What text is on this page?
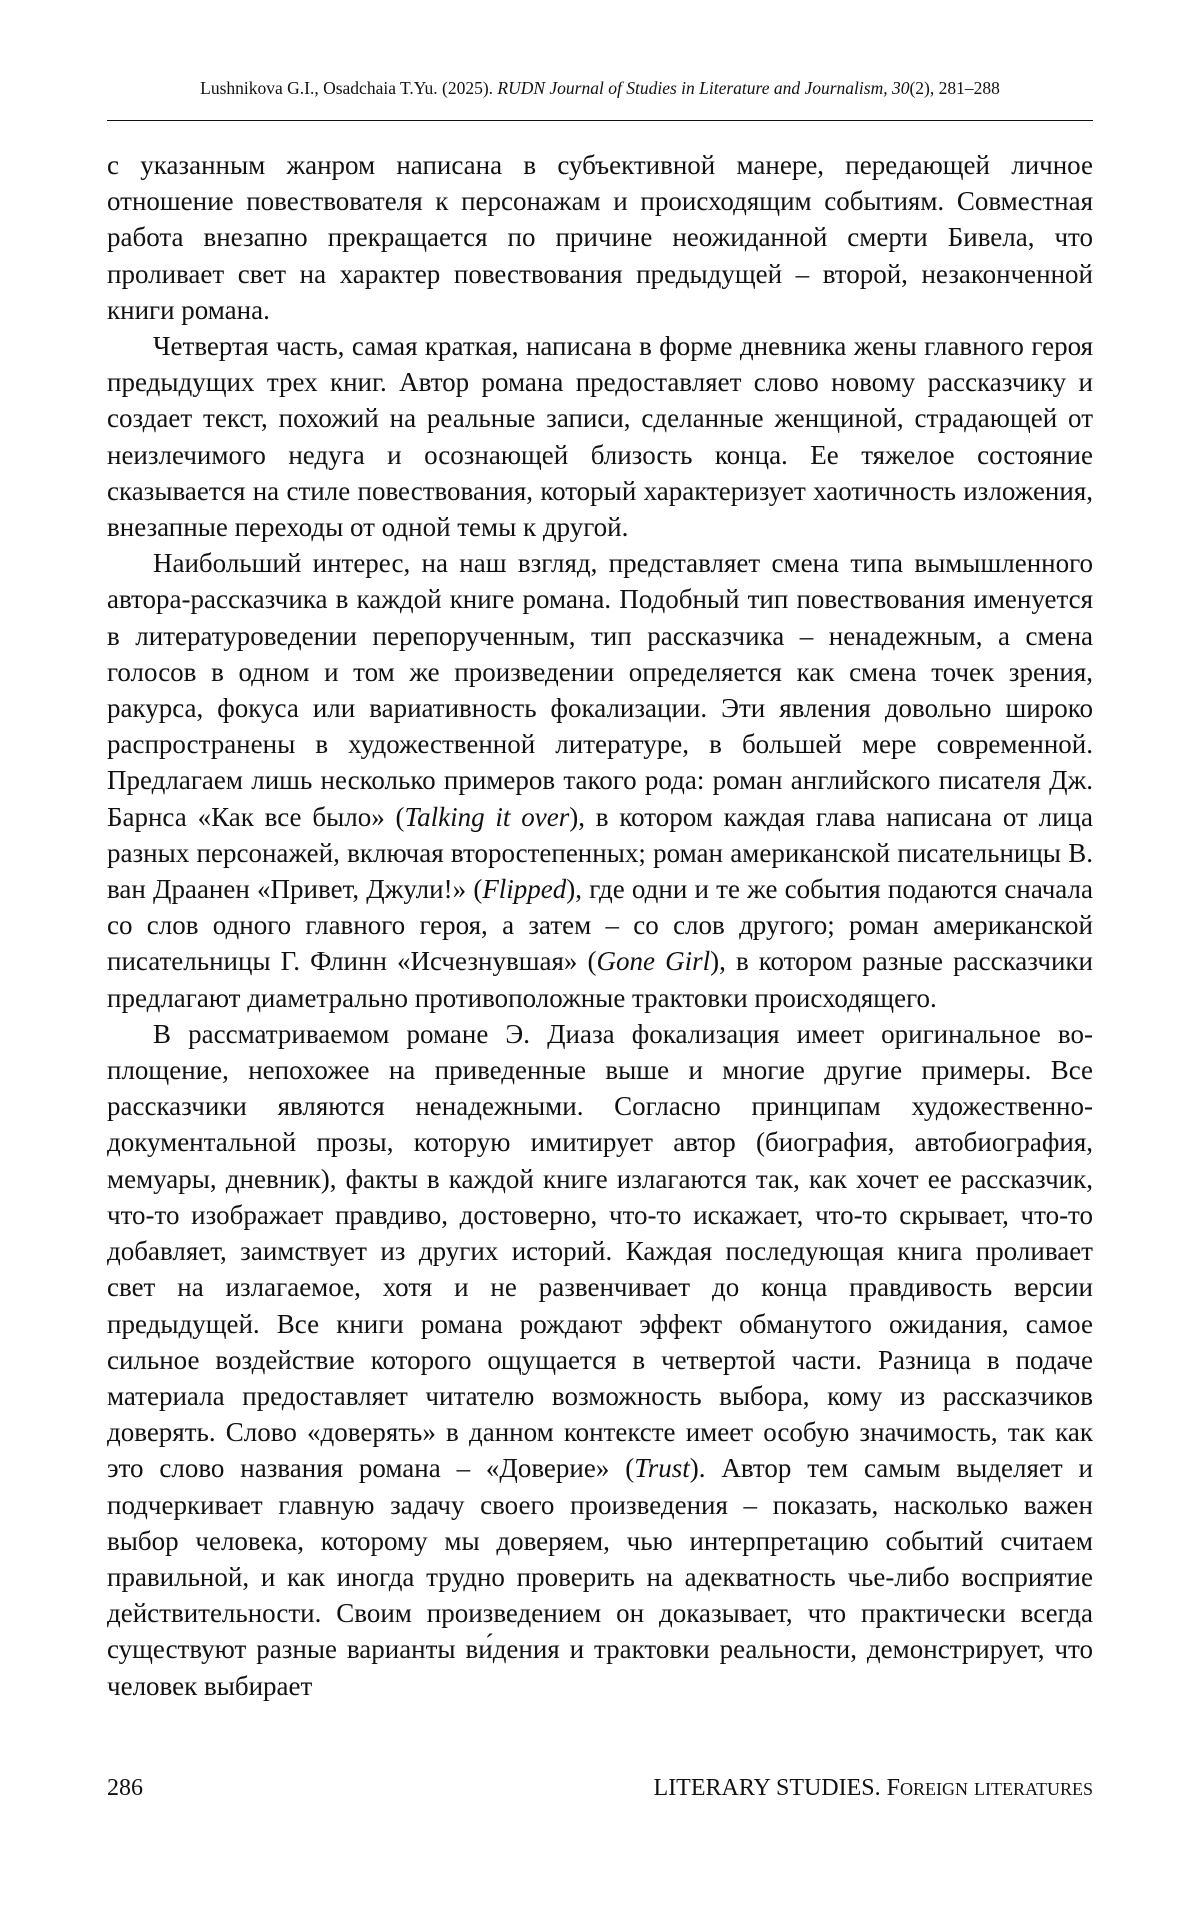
Lushnikova G.I., Osadchaia T.Yu. (2025). RUDN Journal of Studies in Literature and Journalism, 30(2), 281–288

с указанным жанром написана в субъективной манере, передающей личное отношение повествователя к персонажам и происходящим событиям. Со­вместная работа внезапно прекращается по причине неожиданной смерти Би­вела, что проливает свет на характер повествования предыдущей – второй, незаконченной книги романа.

Четвертая часть, самая краткая, написана в форме дневника жены главно­го героя предыдущих трех книг. Автор романа предоставляет слово новому рассказчику и создает текст, похожий на реальные записи, сделанные женщи­ной, страдающей от неизлечимого недуга и осознающей близость конца. Ее тяжелое состояние сказывается на стиле повествования, который характери­зует хаотичность изложения, внезапные переходы от одной темы к другой.

Наибольший интерес, на наш взгляд, представляет смена типа вымышлен­ного автора-рассказчика в каждой книге романа. Подобный тип повествования именуется в литературоведении перепорученным, тип рассказчика – ненадеж­ным, а смена голосов в одном и том же произведении определяется как смена точек зрения, ракурса, фокуса или вариативность фокализации. Эти явления довольно широко распространены в художественной литературе, в большей мере современной. Предлагаем лишь несколько примеров такого рода: роман английского писателя Дж. Барнса «Как все было» (Talking it over), в котором каждая глава написана от лица разных персонажей, включая второстепенных; роман американской писательницы В. ван Драанен «Привет, Джули!» (Flipped), где одни и те же события подаются сначала со слов одного главного героя, а затем – со слов другого; роман американской писательницы Г. Флинн «Исчезнувшая» (Gone Girl), в котором разные рассказчики предлагают диа­метрально противоположные трактовки происходящего.

В рассматриваемом романе Э. Диаза фокализация имеет оригинальное во­площение, непохожее на приведенные выше и многие другие примеры. Все рассказчики являются ненадежными. Согласно принципам художествен­но-документальной прозы, которую имитирует автор (биография, автобиогра­фия, мемуары, дневник), факты в каждой книге излагаются так, как хочет ее рассказчик, что-то изображает правдиво, достоверно, что-то искажает, что-то скрывает, что-то добавляет, заимствует из других историй. Каждая последую­щая книга проливает свет на излагаемое, хотя и не развенчивает до конца правдивость версии предыдущей. Все книги романа рождают эффект обману­того ожидания, самое сильное воздействие которого ощущается в четвертой части. Разница в подаче материала предоставляет читателю возможность вы­бора, кому из рассказчиков доверять. Слово «доверять» в данном контексте имеет особую значимость, так как это слово названия романа – «Доверие» (Trust). Автор тем самым выделяет и подчеркивает главную задачу своего произведения – показать, насколько важен выбор человека, которому мы дове­ряем, чью интерпретацию событий считаем правильной, и как иногда трудно проверить на адекватность чье-либо восприятие действительности. Своим произведением он доказывает, что практически всегда существуют разные ва­рианты ви́дения и трактовки реальности, демонстрирует, что человек выбирает

286	LITERARY STUDIES. FOREIGN LITERATURES
